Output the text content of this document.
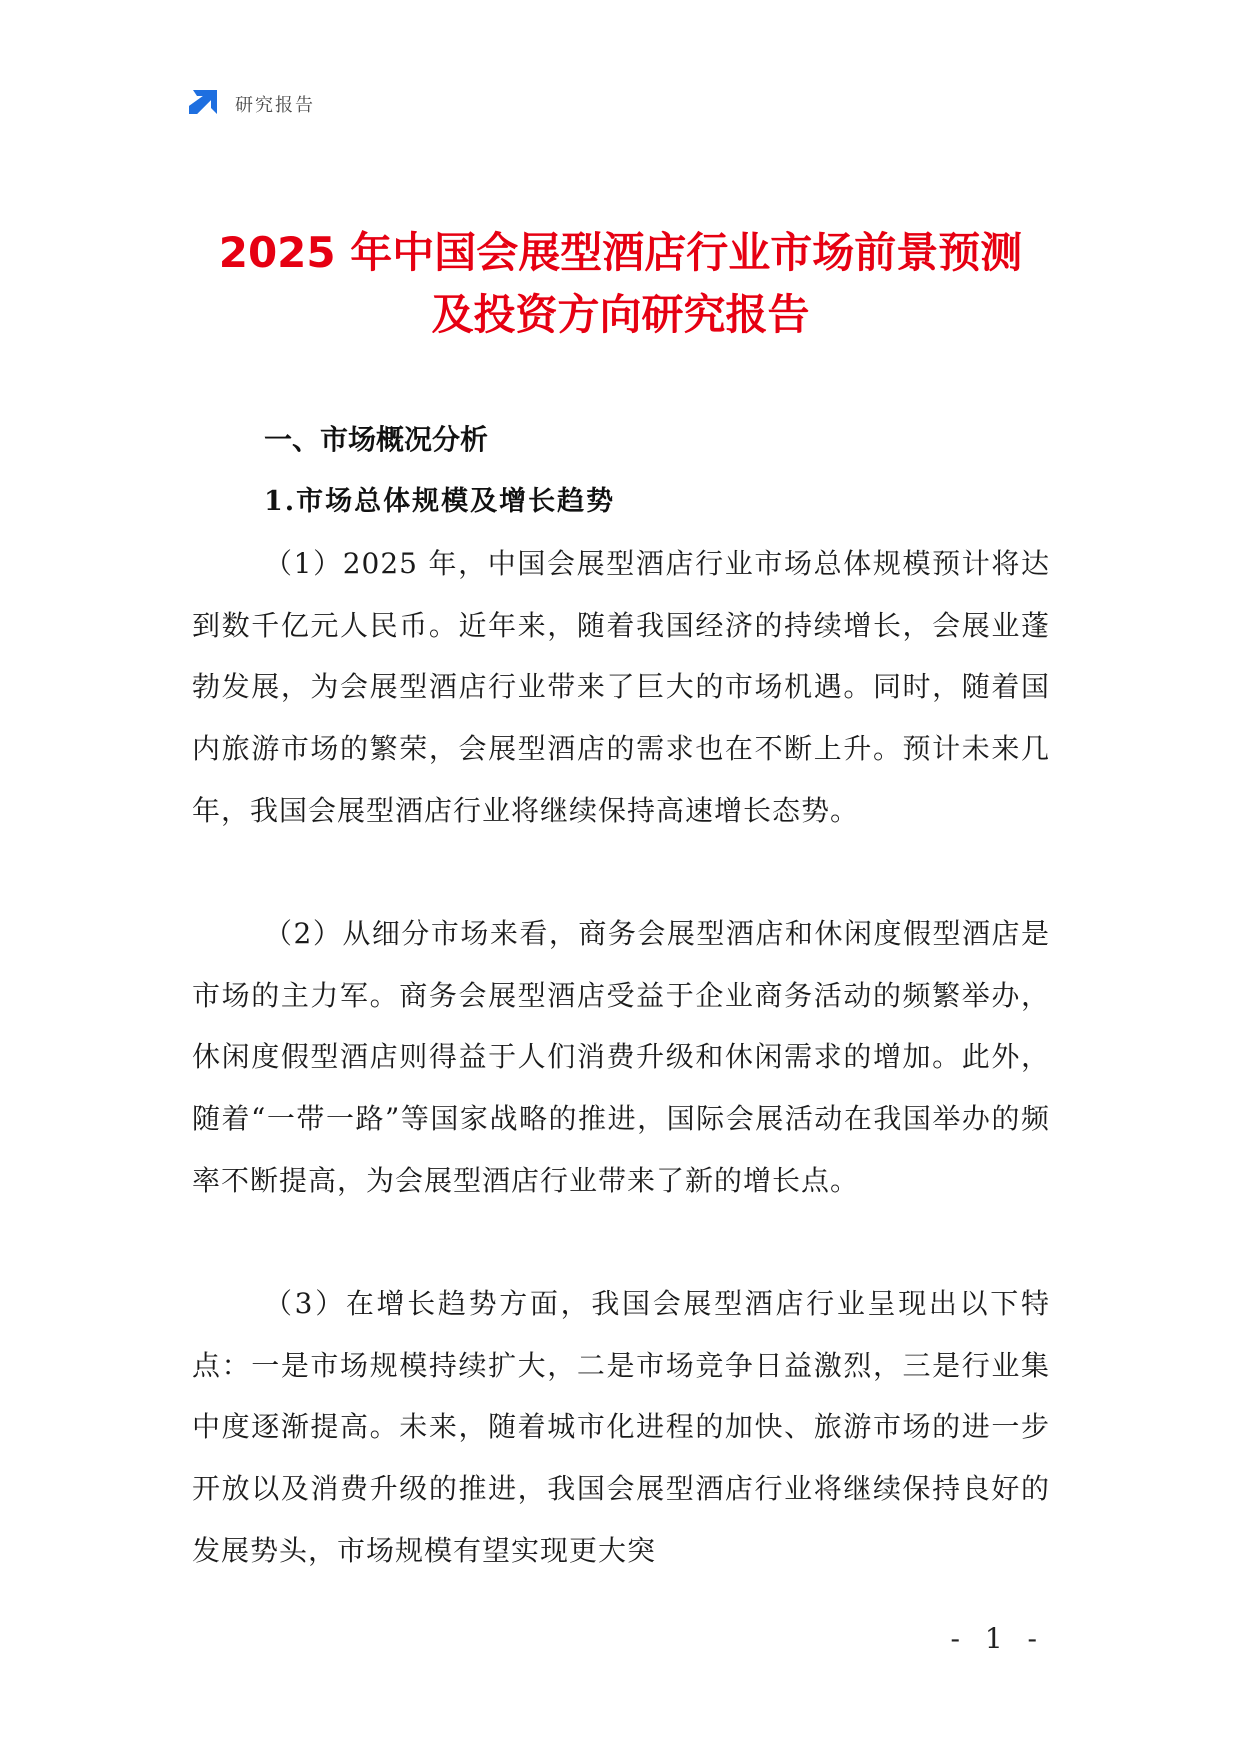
研究报告
2025 年中国会展型酒店行业市场前景预测
及投资方向研究报告
一、市场概况分析
1.市场总体规模及增长趋势

（1）2025 年，中国会展型酒店行业市场总体规模预计将达到数千亿元人民币。近年来，随着我国经济的持续增长，会展业蓬勃发展，为会展型酒店行业带来了巨大的市场机遇。同时，随着国内旅游市场的繁荣，会展型酒店的需求也在不断上升。预计未来几年，我国会展型酒店行业将继续保持高速增长态势。

（2）从细分市场来看，商务会展型酒店和休闲度假型酒店是市场的主力军。商务会展型酒店受益于企业商务活动的频繁举办，休闲度假型酒店则得益于人们消费升级和休闲需求的增加。此外，随着“一带一路”等国家战略的推进，国际会展活动在我国举办的频率不断提高，为会展型酒店行业带来了新的增长点。

（3）在增长趋势方面，我国会展型酒店行业呈现出以下特点：一是市场规模持续扩大，二是市场竞争日益激烈，三是行业集中度逐渐提高。未来，随着城市化进程的加快、旅游市场的进一步开放以及消费升级的推进，我国会展型酒店行业将继续保持良好的发展势头，市场规模有望实现更大突

- 1 -
